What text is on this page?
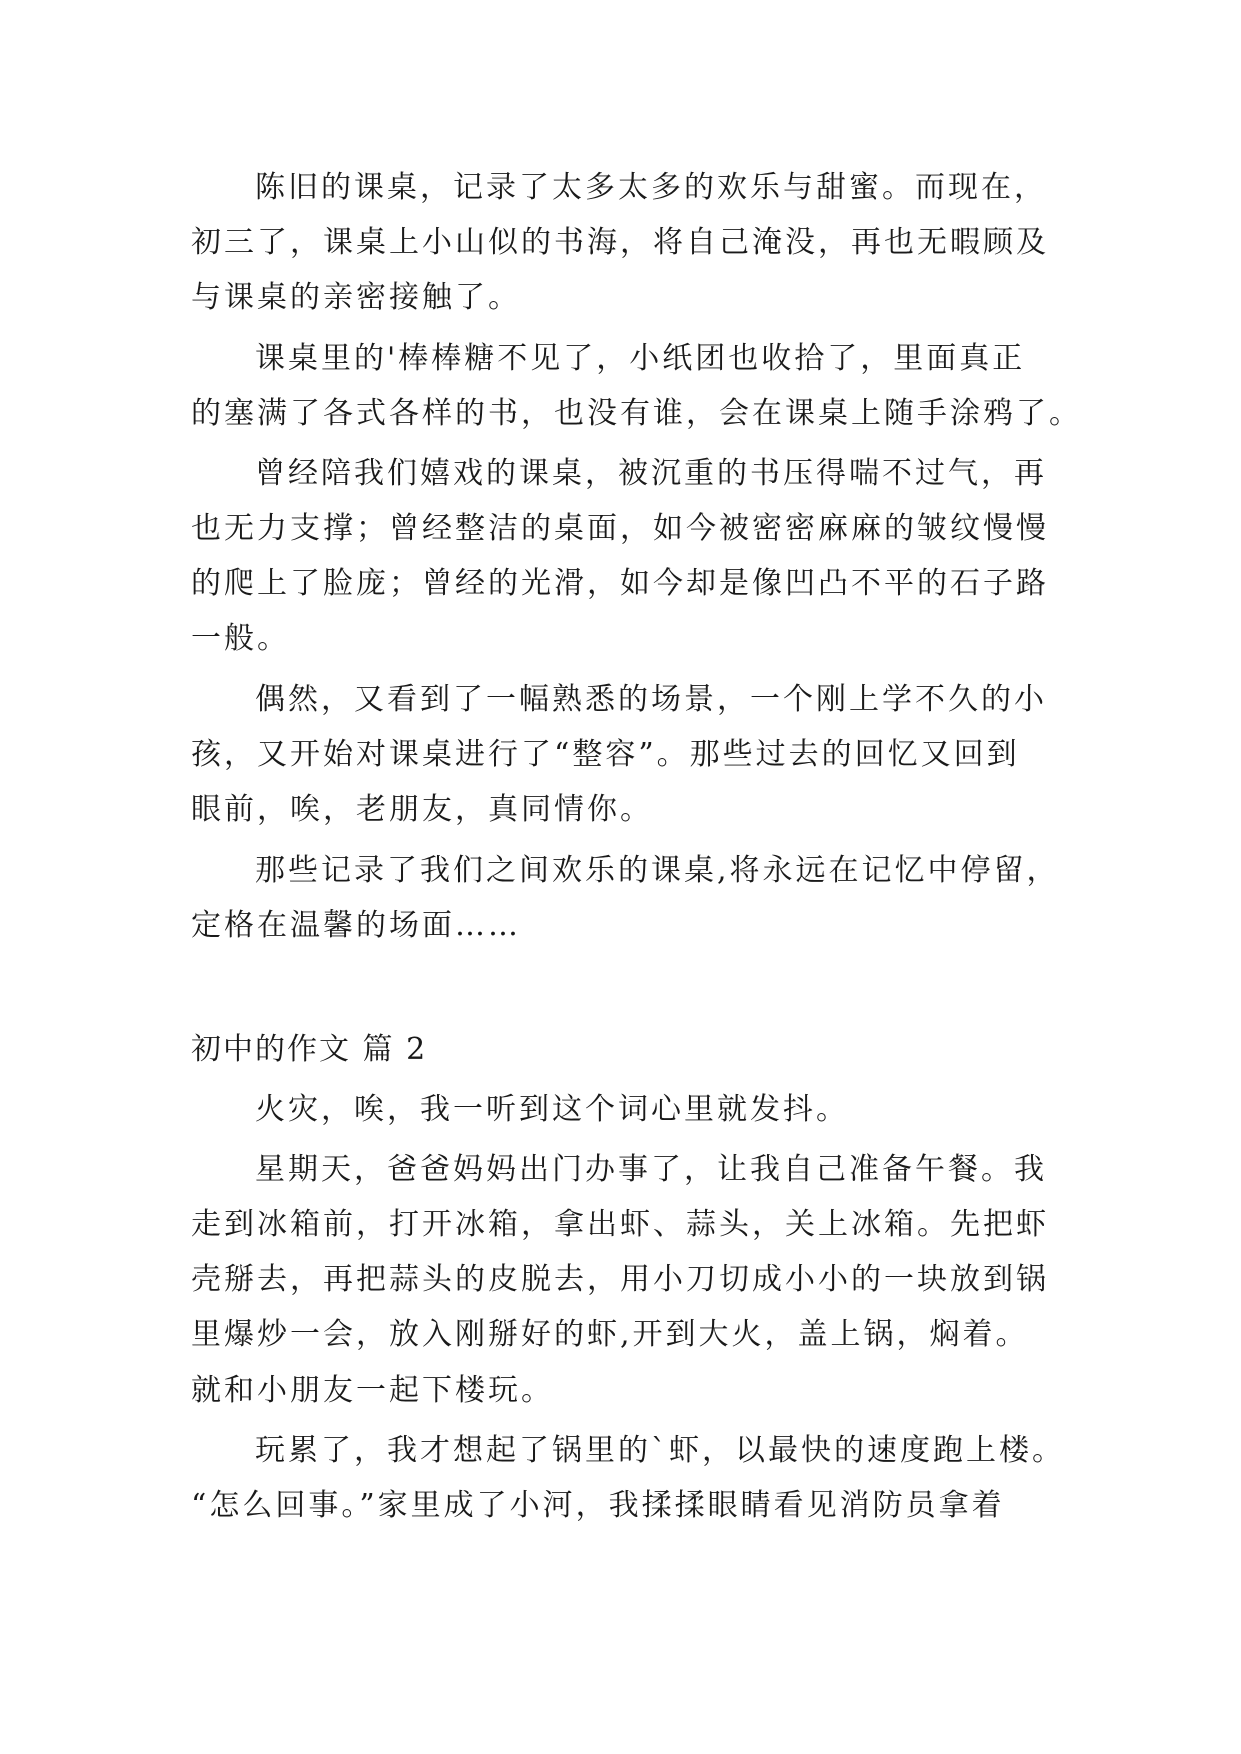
陈旧的课桌，记录了太多太多的欢乐与甜蜜。而现在，
初三了，课桌上小山似的书海，将自己淹没，再也无暇顾及
与课桌的亲密接触了。
课桌里的'棒棒糖不见了，小纸团也收拾了，里面真正
的塞满了各式各样的书，也没有谁，会在课桌上随手涂鸦了。
曾经陪我们嬉戏的课桌，被沉重的书压得喘不过气，再
也无力支撑；曾经整洁的桌面，如今被密密麻麻的皱纹慢慢
的爬上了脸庞；曾经的光滑，如今却是像凹凸不平的石子路
一般。
偶然，又看到了一幅熟悉的场景，一个刚上学不久的小
孩，又开始对课桌进行了“整容”。那些过去的回忆又回到
眼前，唉，老朋友，真同情你。
那些记录了我们之间欢乐的课桌,将永远在记忆中停留，
定格在温馨的场面……
初中的作文 篇 2
火灾，唉，我一听到这个词心里就发抖。
星期天，爸爸妈妈出门办事了，让我自己准备午餐。我
走到冰箱前，打开冰箱，拿出虾、蒜头，关上冰箱。先把虾
壳掰去，再把蒜头的皮脱去，用小刀切成小小的一块放到锅
里爆炒一会，放入刚掰好的虾,开到大火，盖上锅，焖着。
就和小朋友一起下楼玩。
玩累了，我才想起了锅里的`虾，以最快的速度跑上楼。
“怎么回事。”家里成了小河，我揉揉眼睛看见消防员拿着
